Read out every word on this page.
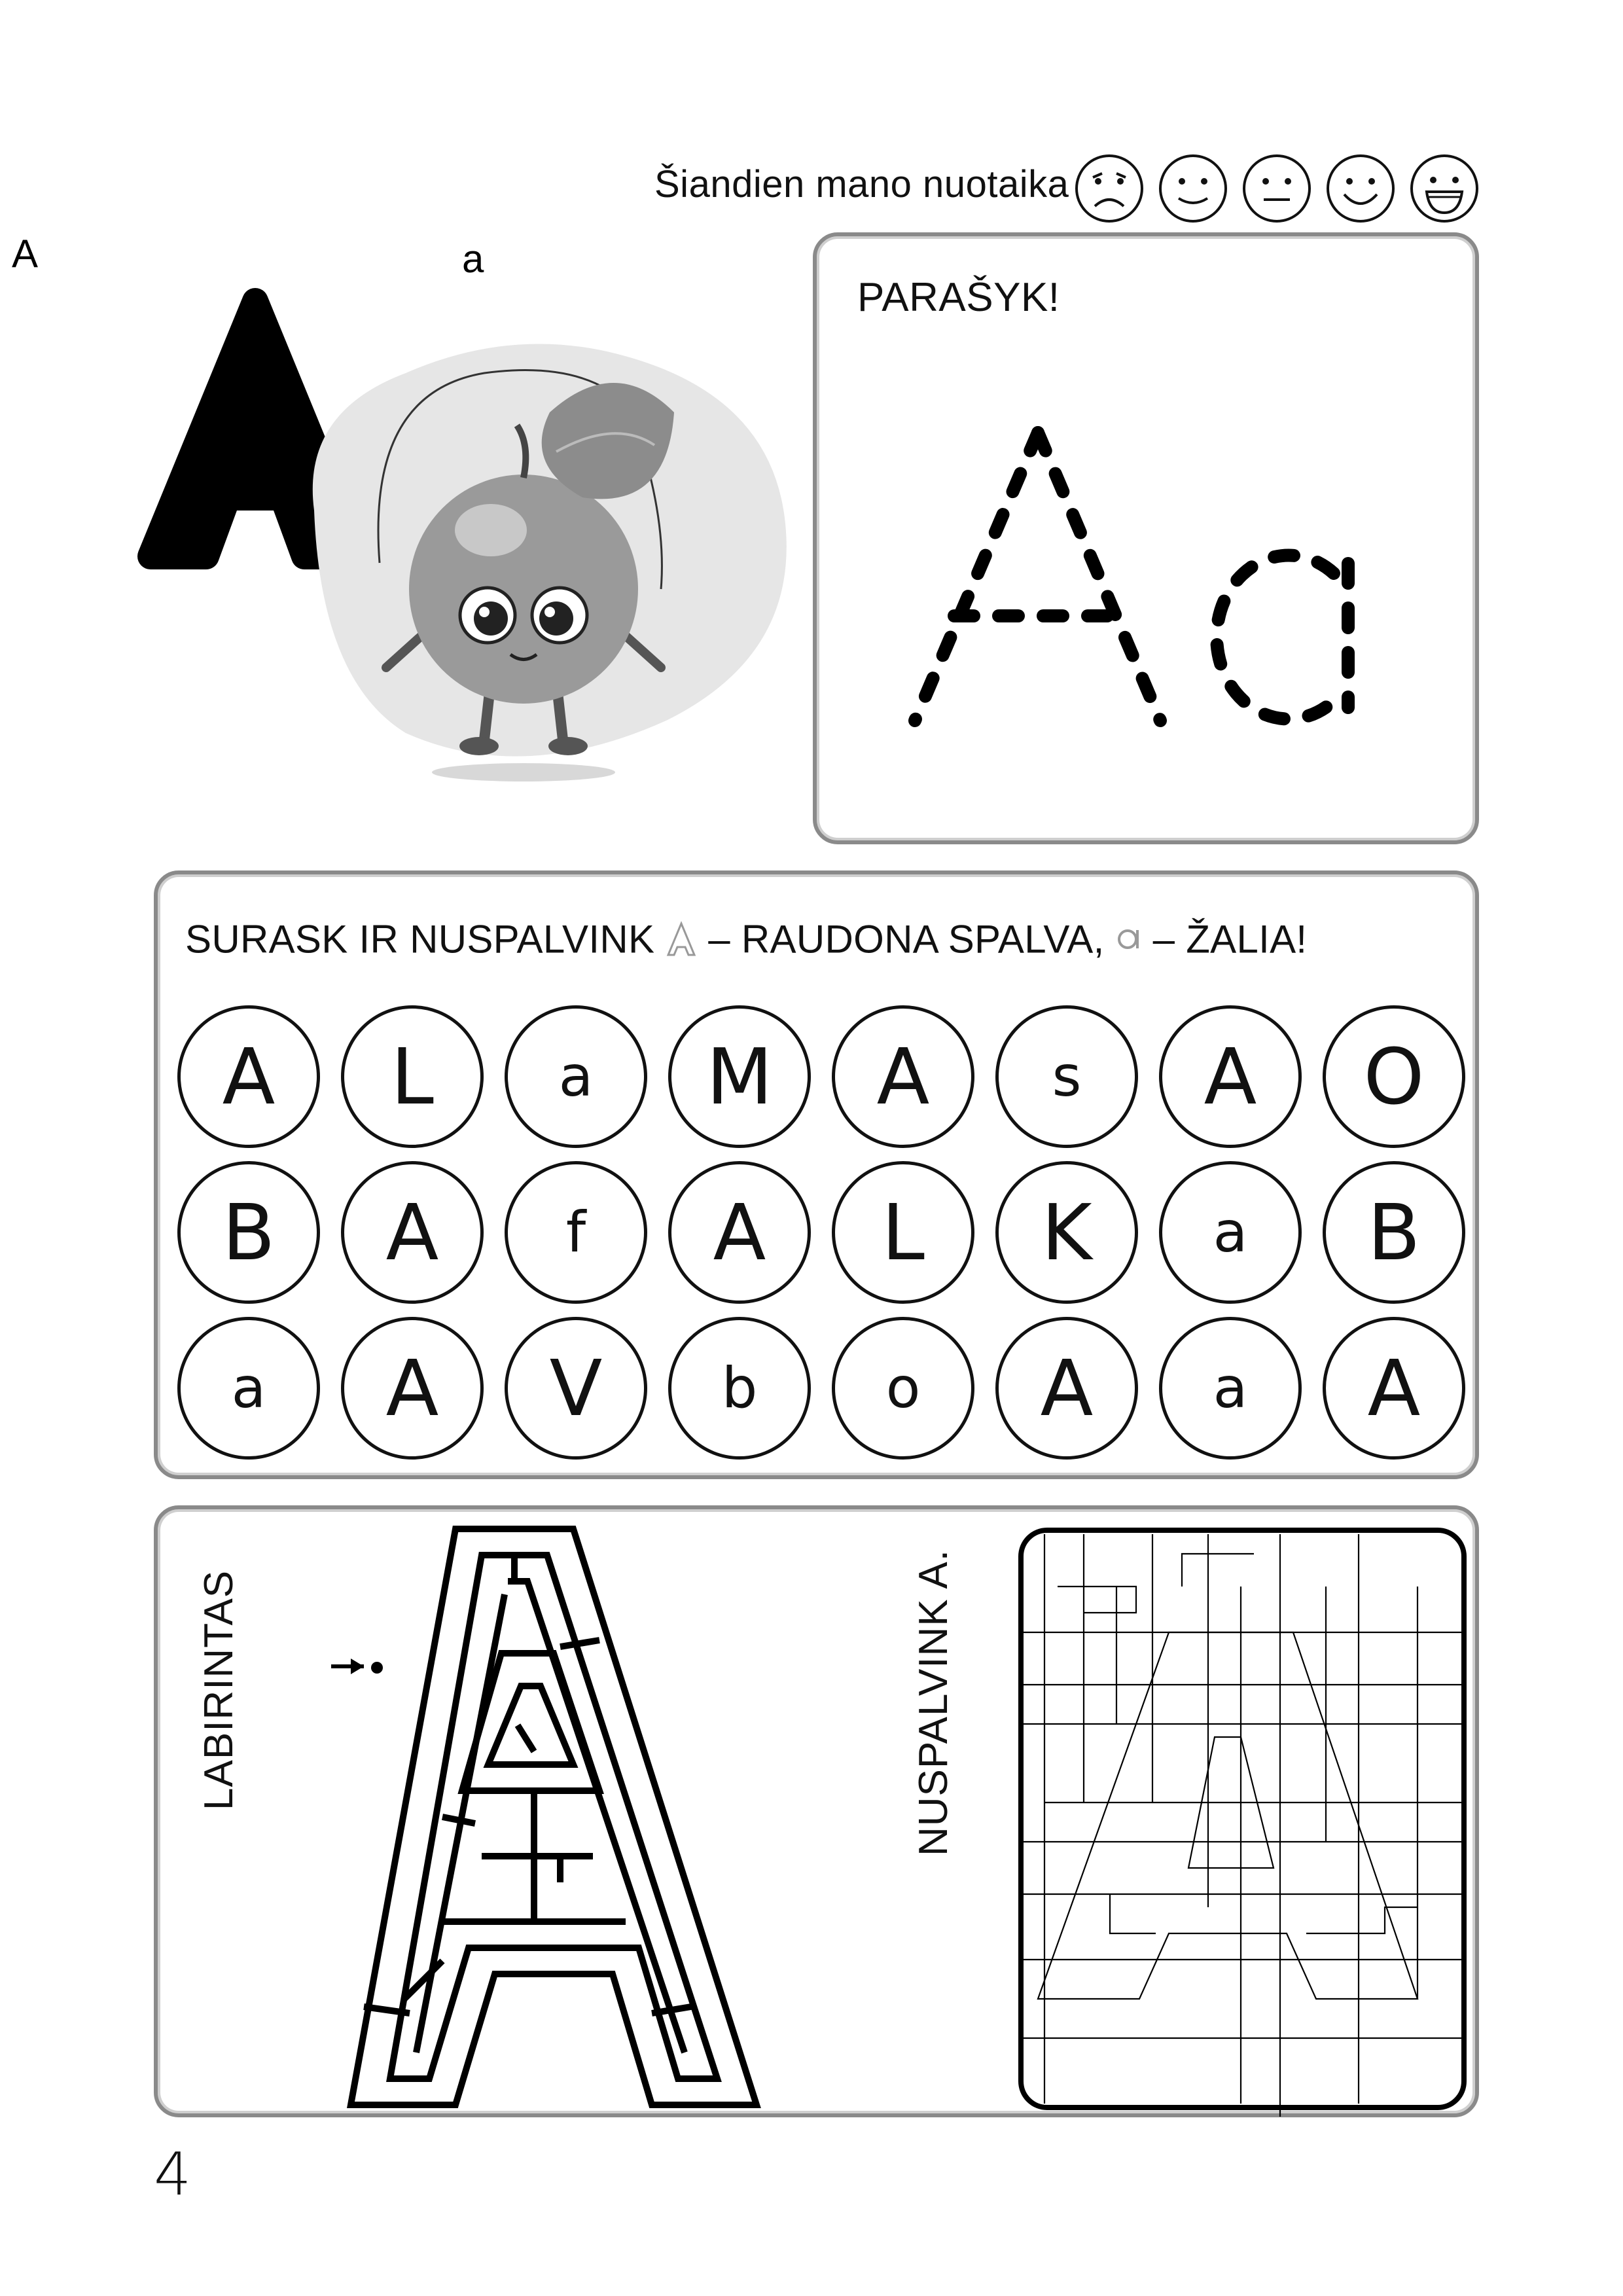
Šiandien mano nuotaika
PARAŠYK!
SURASK IR NUSPALVINK
A
– RAUDONA SPALVA,
a
– ŽALIA!
A	L	a	M	A	s	A	O
B	A	f	A	L	K	a	B
a	A	V	b	o	A	a	A
LABIRINTAS	NUSPALVINK A.
4
